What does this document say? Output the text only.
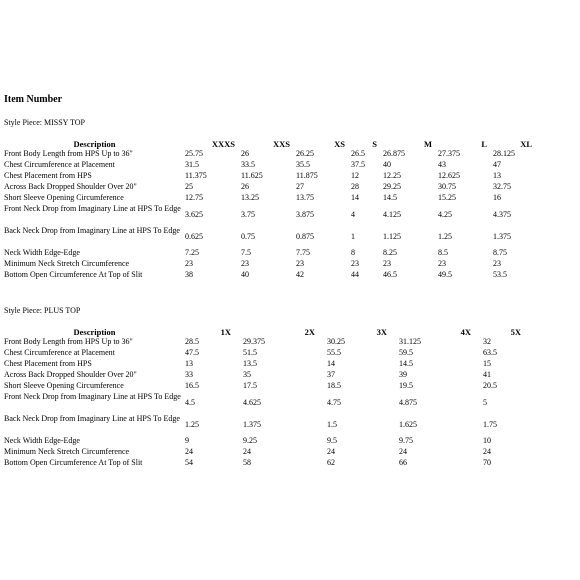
Item Number
Style Piece: MISSY TOP
Description	XXXS	XXS	XS	S	M	L	XL
Front Body Length from HPS Up to 36"	25.75	26	26.25	26.5	26.875	27.375	28.125
Chest Circumference at Placement	31.5	33.5	35.5	37.5	40	43	47
Chest Placement from HPS	11.375	11.625	11.875	12	12.25	12.625	13
Across Back Dropped Shoulder Over 20"	25	26	27	28	29.25	30.75	32.75
Short Sleeve Opening Circumference	12.75	13.25	13.75	14	14.5	15.25	16
Front Neck Drop from Imaginary Line at HPS To Edge	3.625	3.75	3.875	4	4.125	4.25	4.375
Back Neck Drop from Imaginary Line at HPS To Edge	0.625	0.75	0.875	1	1.125	1.25	1.375
Neck Width Edge-Edge	7.25	7.5	7.75	8	8.25	8.5	8.75
Minimum Neck Stretch Circumference	23	23	23	23	23	23	23
Bottom Open Circumference At Top of Slit	38	40	42	44	46.5	49.5	53.5
Style Piece: PLUS TOP
Description	1X	2X	3X	4X	5X
Front Body Length from HPS Up to 36"	28.5	29.375	30.25	31.125	32
Chest Circumference at Placement	47.5	51.5	55.5	59.5	63.5
Chest Placement from HPS	13	13.5	14	14.5	15
Across Back Dropped Shoulder Over 20"	33	35	37	39	41
Short Sleeve Opening Circumference	16.5	17.5	18.5	19.5	20.5
Front Neck Drop from Imaginary Line at HPS To Edge	4.5	4.625	4.75	4.875	5
Back Neck Drop from Imaginary Line at HPS To Edge	1.25	1.375	1.5	1.625	1.75
Neck Width Edge-Edge	9	9.25	9.5	9.75	10
Minimum Neck Stretch Circumference	24	24	24	24	24
Bottom Open Circumference At Top of Slit	54	58	62	66	70
